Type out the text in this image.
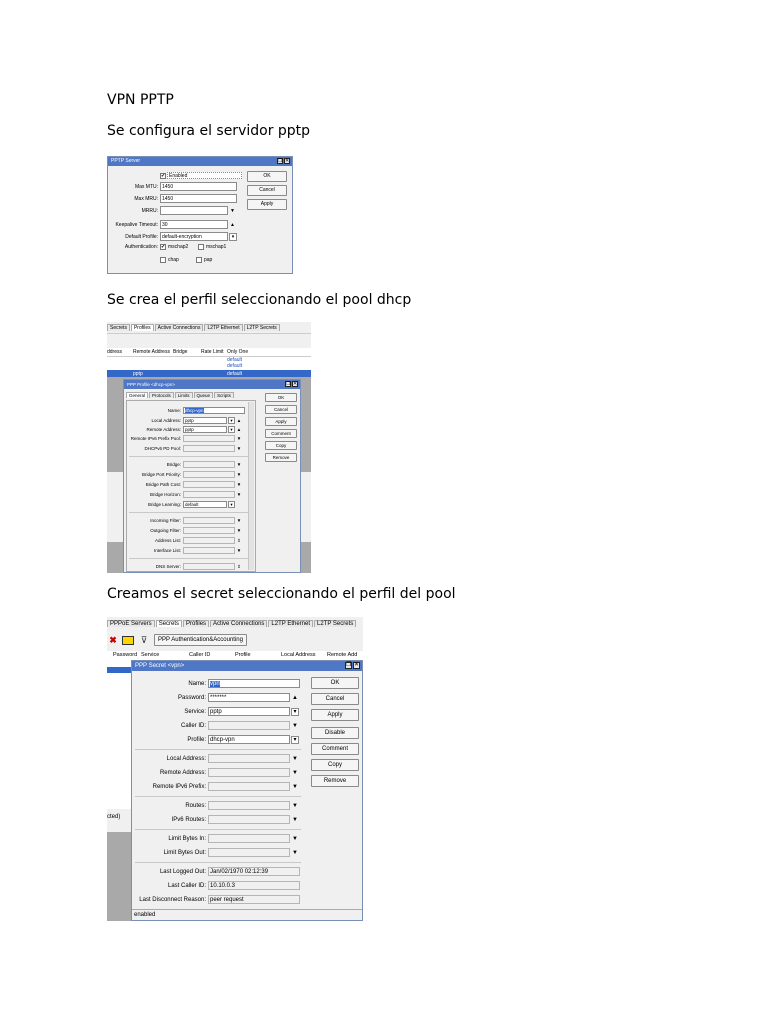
VPN PPTP

Se configura el servidor pptp

Se crea el perfil seleccionando el pool dhcp

Creamos el secret seleccionando el perfil del pool

PPTP Server	❐ ✕
✔ Enabled
Max MTU: 1450
Max MRU: 1450
MRRU:	▼
Keepalive Timeout: 30	▲
Default Profile: default-encryption	▾
Authentication: ✔ mschap2	mschap1
chap	pap
OK
Cancel
Apply
Secrets Profiles Active Connections L2TP Ethernet L2TP Secrets
ddress	Remote Address Bridge	Rate Limit Only One
default
default
pptp	default
PPP Profile <dhcp-vpn>	❐ ✕
General Protocols Limits Queue Scripts
Name: dhcp-vpn
Local Address: pptp	▾ ▲
Remote Address: pptp	▾ ▲
Remote IPv6 Prefix Pool:	▼
DHCPv6 PD Pool:	▼
Bridge:	▼
Bridge Port Priority:	▼
Bridge Path Cost:	▼
Bridge Horizon:	▼
Bridge Learning: default	▾
Incoming Filter:	▼
Outgoing Filter:	▼
Address List:	⇕
Interface List:	▼
DNS Server:	⇕
OK
Cancel
Apply
Comment
Copy
Remove
PPPoE Servers Secrets Profiles Active Connections L2TP Ethernet L2TP Secrets
✖	⊽	PPP Authentication&Accounting
Password Service	Caller ID	Profile	Local Address	Remote Add
cted)
PPP Secret <vpn>	❐ ✕
Name: vpn
Password: *******	▲
Service: pptp	▾
Caller ID:	▼
Profile: dhcp-vpn	▾
Local Address:	▼
Remote Address:	▼
Remote IPv6 Prefix:	▼
Routes:	▼
IPv6 Routes:	▼
Limit Bytes In:	▼
Limit Bytes Out:	▼
Last Logged Out: Jan/02/1970 02:12:39
Last Caller ID: 10.10.0.3
Last Disconnect Reason: peer request
enabled
OK
Cancel
Apply
Disable
Comment
Copy
Remove
